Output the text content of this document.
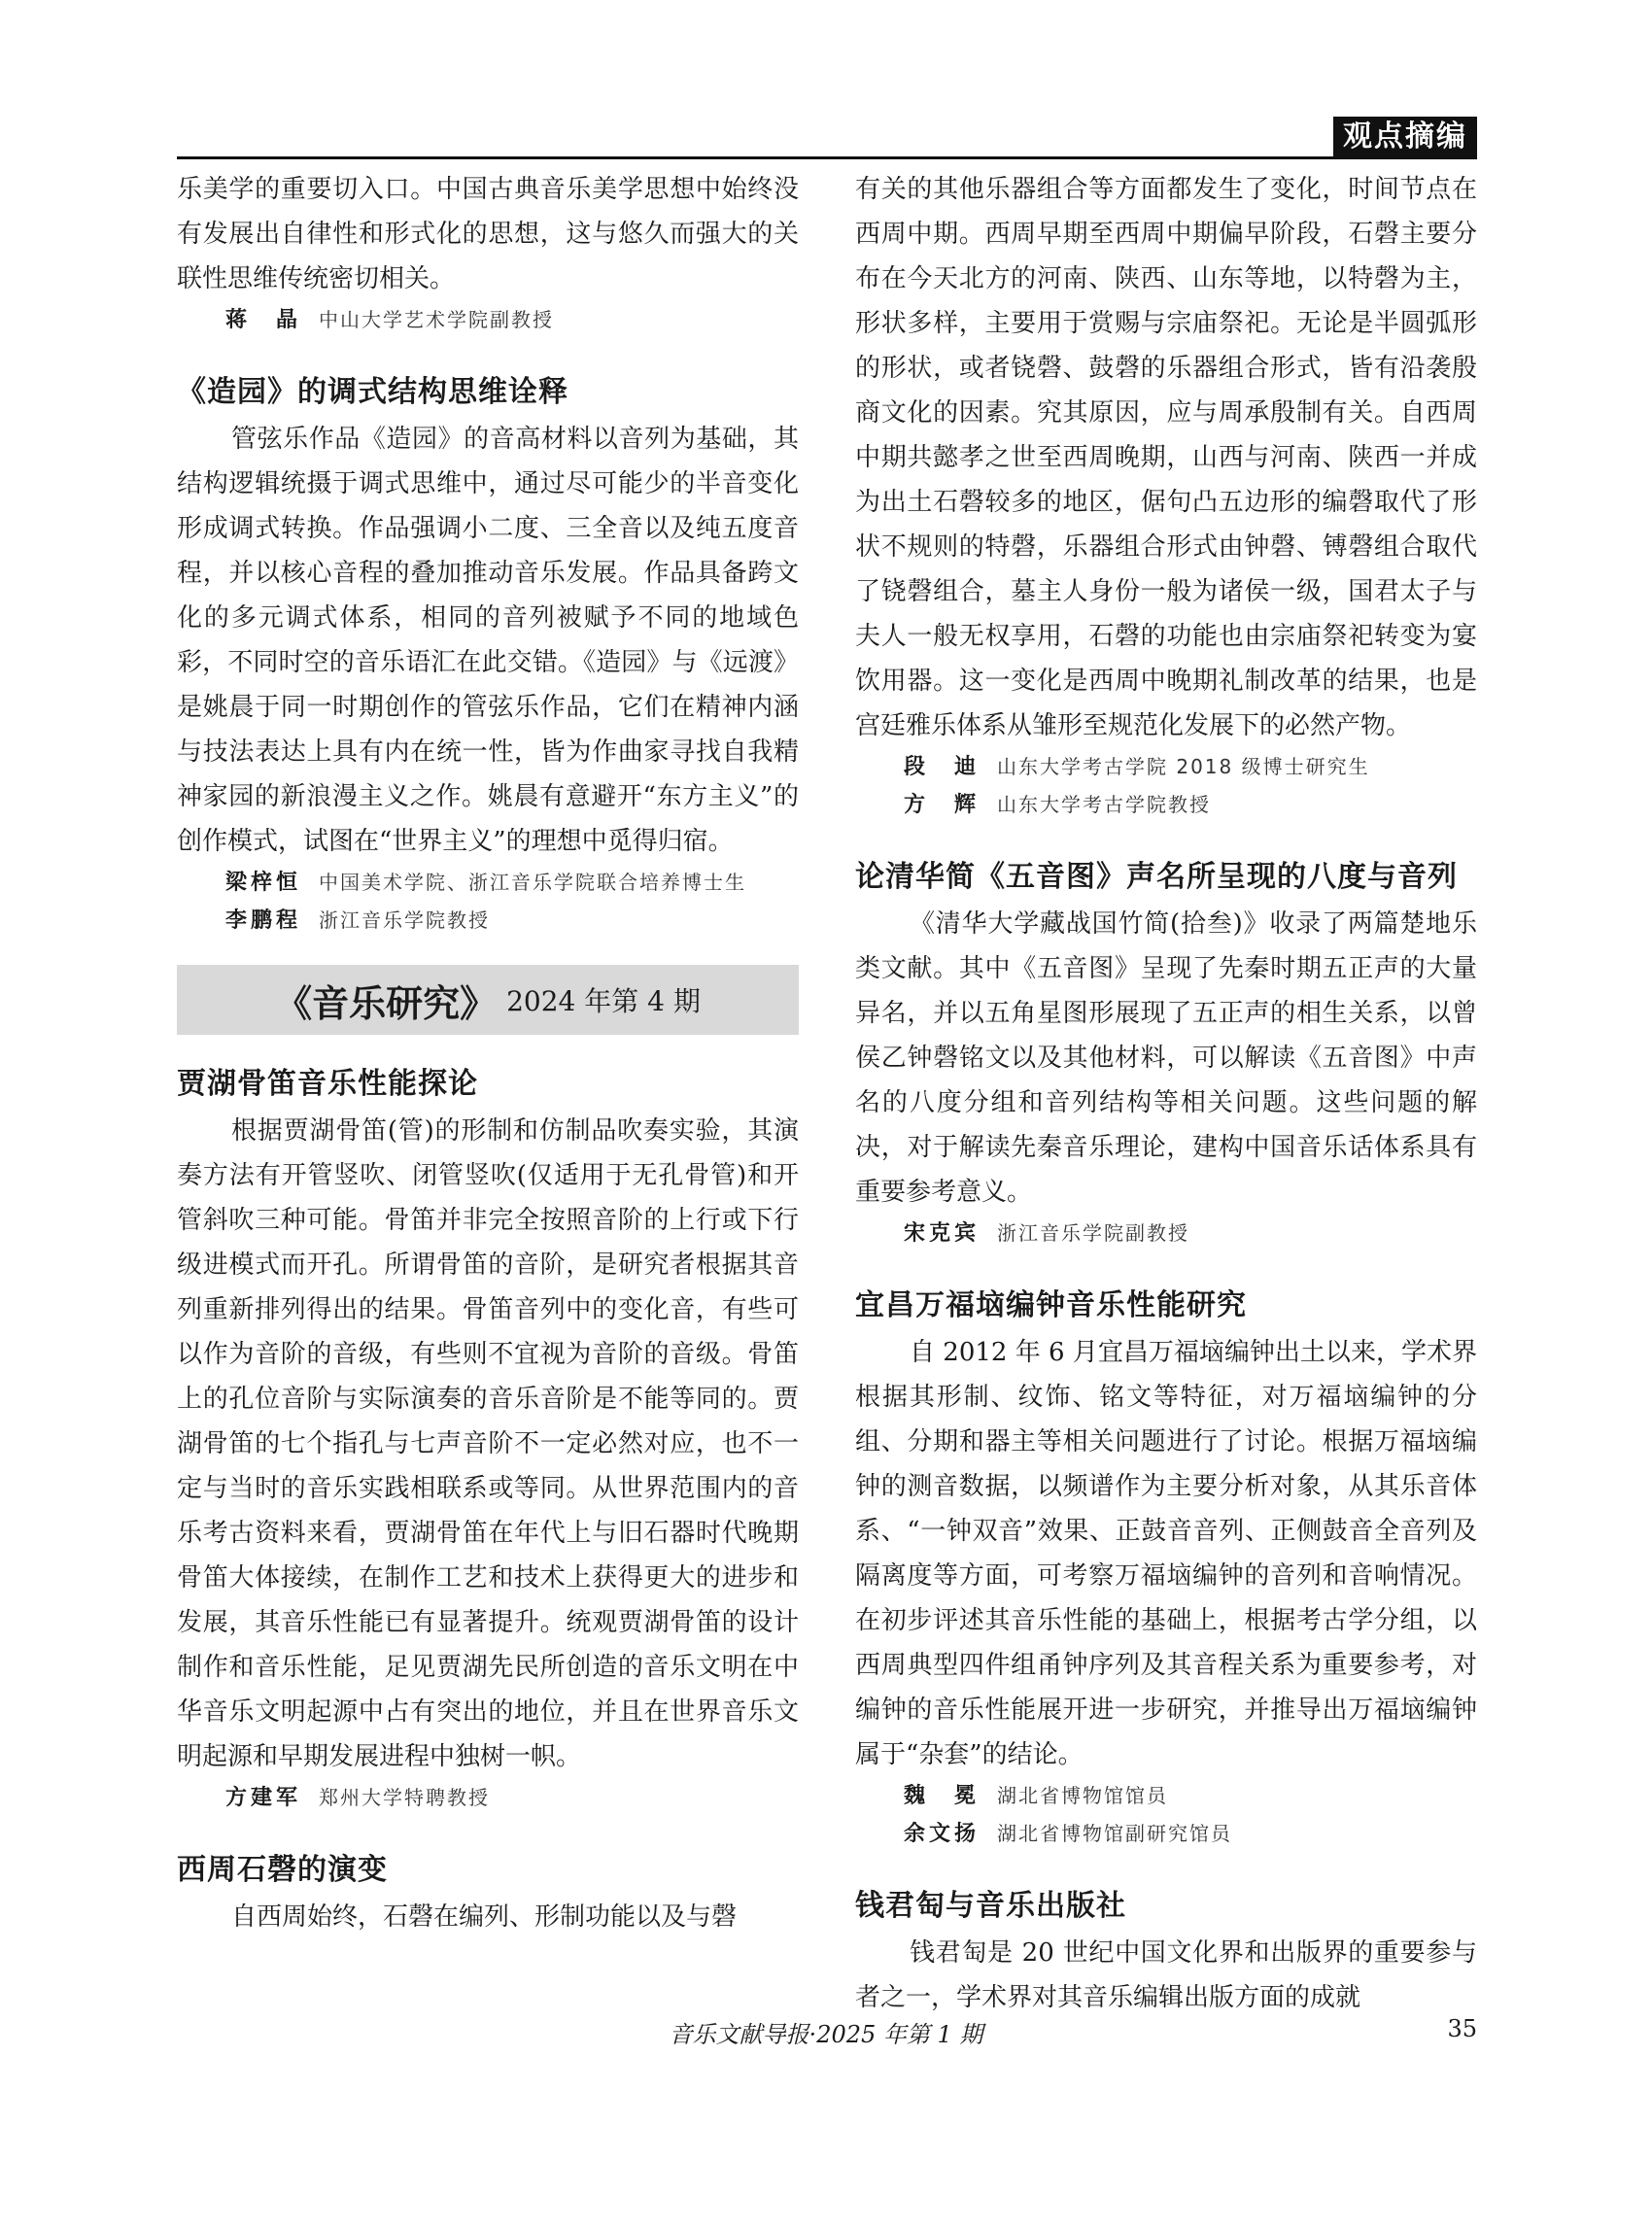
观点摘编

乐美学的重要切入口。中国古典音乐美学思想中始终没有发展出自律性和形式化的思想，这与悠久而强大的关联性思维传统密切相关。

蒋　晶 中山大学艺术学院副教授
《造园》的调式结构思维诠释

管弦乐作品《造园》的音高材料以音列为基础，其结构逻辑统摄于调式思维中，通过尽可能少的半音变化形成调式转换。作品强调小二度、三全音以及纯五度音程，并以核心音程的叠加推动音乐发展。作品具备跨文化的多元调式体系，相同的音列被赋予不同的地域色彩，不同时空的音乐语汇在此交错。《造园》与《远渡》是姚晨于同一时期创作的管弦乐作品，它们在精神内涵与技法表达上具有内在统一性，皆为作曲家寻找自我精神家园的新浪漫主义之作。姚晨有意避开“东方主义”的创作模式，试图在“世界主义”的理想中觅得归宿。

梁梓恒 中国美术学院、浙江音乐学院联合培养博士生
李鹏程 浙江音乐学院教授
《音乐研究》 2024 年第 4 期
贾湖骨笛音乐性能探论

根据贾湖骨笛(管)的形制和仿制品吹奏实验，其演奏方法有开管竖吹、闭管竖吹(仅适用于无孔骨管)和开管斜吹三种可能。骨笛并非完全按照音阶的上行或下行级进模式而开孔。所谓骨笛的音阶，是研究者根据其音列重新排列得出的结果。骨笛音列中的变化音，有些可以作为音阶的音级，有些则不宜视为音阶的音级。骨笛上的孔位音阶与实际演奏的音乐音阶是不能等同的。贾湖骨笛的七个指孔与七声音阶不一定必然对应，也不一定与当时的音乐实践相联系或等同。从世界范围内的音乐考古资料来看，贾湖骨笛在年代上与旧石器时代晚期骨笛大体接续，在制作工艺和技术上获得更大的进步和发展，其音乐性能已有显著提升。统观贾湖骨笛的设计制作和音乐性能，足见贾湖先民所创造的音乐文明在中华音乐文明起源中占有突出的地位，并且在世界音乐文明起源和早期发展进程中独树一帜。

方建军 郑州大学特聘教授
西周石磬的演变

自西周始终，石磬在编列、形制功能以及与磬

有关的其他乐器组合等方面都发生了变化，时间节点在西周中期。西周早期至西周中期偏早阶段，石磬主要分布在今天北方的河南、陕西、山东等地，以特磬为主，形状多样，主要用于赏赐与宗庙祭祀。无论是半圆弧形的形状，或者铙磬、鼓磬的乐器组合形式，皆有沿袭殷商文化的因素。究其原因，应与周承殷制有关。自西周中期共懿孝之世至西周晚期，山西与河南、陕西一并成为出土石磬较多的地区，倨句凸五边形的编磬取代了形状不规则的特磬，乐器组合形式由钟磬、镈磬组合取代了铙磬组合，墓主人身份一般为诸侯一级，国君太子与夫人一般无权享用，石磬的功能也由宗庙祭祀转变为宴饮用器。这一变化是西周中晚期礼制改革的结果，也是宫廷雅乐体系从雏形至规范化发展下的必然产物。

段　迪 山东大学考古学院 2018 级博士研究生
方　辉 山东大学考古学院教授
论清华简《五音图》声名所呈现的八度与音列

《清华大学藏战国竹简(拾叁)》收录了两篇楚地乐类文献。其中《五音图》呈现了先秦时期五正声的大量异名，并以五角星图形展现了五正声的相生关系，以曾侯乙钟磬铭文以及其他材料，可以解读《五音图》中声名的八度分组和音列结构等相关问题。这些问题的解决，对于解读先秦音乐理论，建构中国音乐话体系具有重要参考意义。

宋克宾 浙江音乐学院副教授
宜昌万福垴编钟音乐性能研究

自 2012 年 6 月宜昌万福垴编钟出土以来，学术界根据其形制、纹饰、铭文等特征，对万福垴编钟的分组、分期和器主等相关问题进行了讨论。根据万福垴编钟的测音数据，以频谱作为主要分析对象，从其乐音体系、“一钟双音”效果、正鼓音音列、正侧鼓音全音列及隔离度等方面，可考察万福垴编钟的音列和音响情况。在初步评述其音乐性能的基础上，根据考古学分组，以西周典型四件组甬钟序列及其音程关系为重要参考，对编钟的音乐性能展开进一步研究，并推导出万福垴编钟属于“杂套”的结论。

魏　冕 湖北省博物馆馆员
余文扬 湖北省博物馆副研究馆员
钱君匋与音乐出版社

钱君匋是 20 世纪中国文化界和出版界的重要参与者之一，学术界对其音乐编辑出版方面的成就

音乐文献导报·2025 年第 1 期	35
